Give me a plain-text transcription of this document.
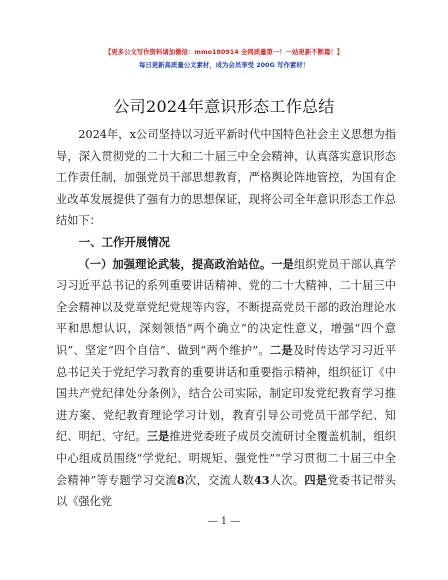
【更多公文写作资料请加微信：mmo180914 全网质量第一！一站更新不断篇！】
每日更新高质量公文素材，成为会员享受 200G 写作素材！
公司2024年意识形态工作总结

2024年，x公司坚持以习近平新时代中国特色社会主义思想为指导，深入贯彻党的二十大和二十届三中全会精神，认真落实意识形态工作责任制，加强党员干部思想教育，严格舆论阵地管控，为国有企业改革发展提供了强有力的思想保证，现将公司全年意识形态工作总结如下：

一、工作开展情况

（一）加强理论武装，提高政治站位。一是组织党员干部认真学习习近平总书记的系列重要讲话精神、党的二十大精神、二十届三中全会精神以及党章党纪党规等内容，不断提高党员干部的政治理论水平和思想认识，深刻领悟“两个确立”的决定性意义，增强“四个意识”、坚定“四个自信”、做到“两个维护”。二是及时传达学习习近平总书记关于党纪学习教育的重要讲话和重要指示精神，组织征订《中国共产党纪律处分条例》，结合公司实际，制定印发党纪教育学习推进方案、党纪教育理论学习计划，教育引导公司党员干部学纪、知纪、明纪、守纪。三是推进党委班子成员交流研讨全覆盖机制，组织中心组成员围绕“学党纪、明规矩、强党性”“学习贯彻二十届三中全会精神”等专题学习交流8次，交流人数43人次。四是党委书记带头以《强化党

— 1 —
